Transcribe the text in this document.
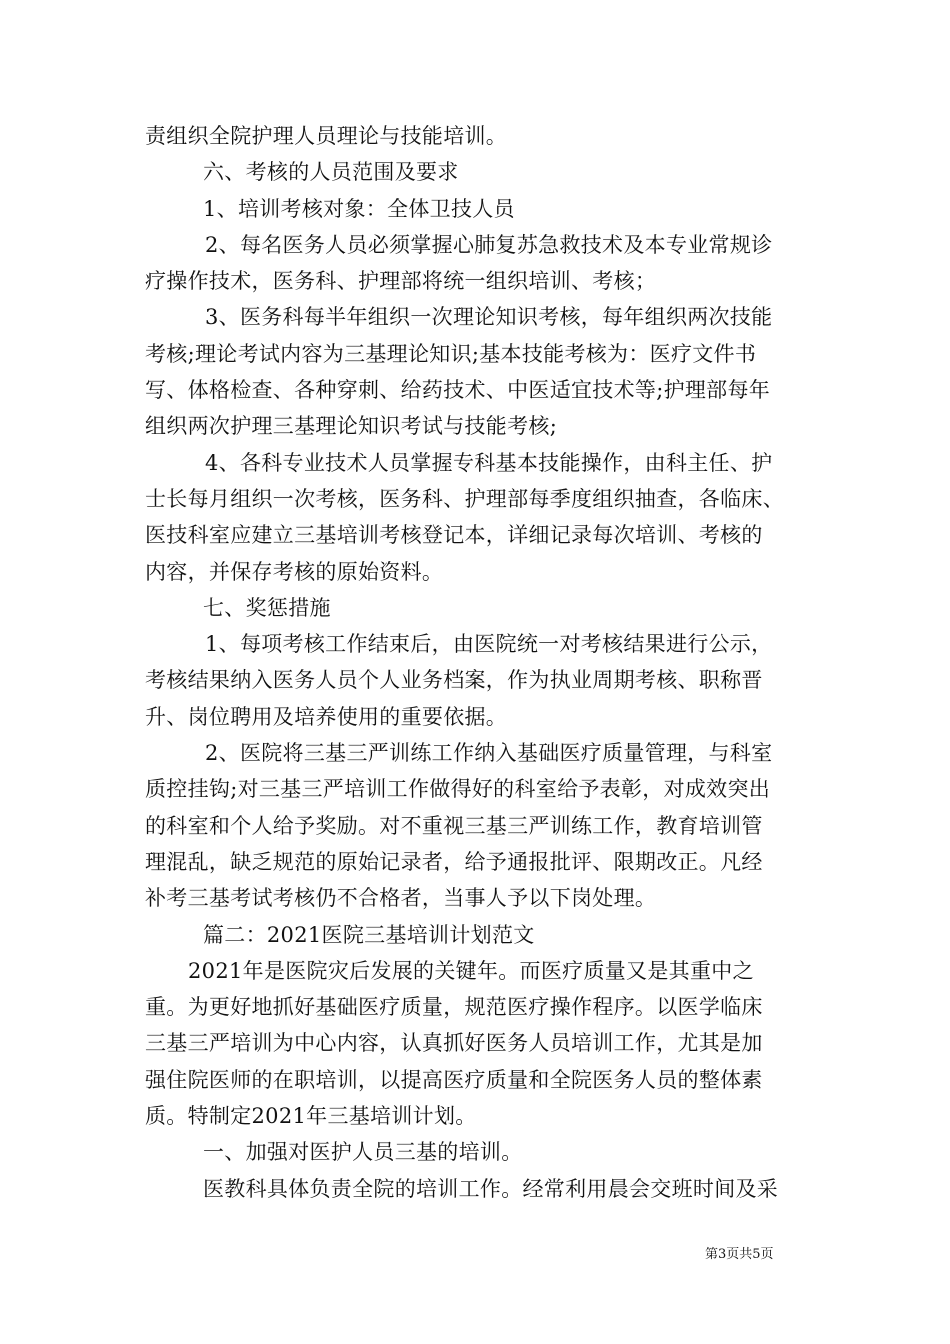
责组织全院护理人员理论与技能培训。
六、考核的人员范围及要求
1、培训考核对象：全体卫技人员
2、每名医务人员必须掌握心肺复苏急救技术及本专业常规诊
疗操作技术，医务科、护理部将统一组织培训、考核；
3、医务科每半年组织一次理论知识考核，每年组织两次技能
考核;理论考试内容为三基理论知识;基本技能考核为：医疗文件书
写、体格检查、各种穿刺、给药技术、中医适宜技术等;护理部每年
组织两次护理三基理论知识考试与技能考核;
4、各科专业技术人员掌握专科基本技能操作，由科主任、护
士长每月组织一次考核，医务科、护理部每季度组织抽查，各临床、
医技科室应建立三基培训考核登记本，详细记录每次培训、考核的
内容，并保存考核的原始资料。
七、奖惩措施
1、每项考核工作结束后，由医院统一对考核结果进行公示，
考核结果纳入医务人员个人业务档案，作为执业周期考核、职称晋
升、岗位聘用及培养使用的重要依据。
2、医院将三基三严训练工作纳入基础医疗质量管理，与科室
质控挂钩;对三基三严培训工作做得好的科室给予表彰，对成效突出
的科室和个人给予奖励。对不重视三基三严训练工作，教育培训管
理混乱，缺乏规范的原始记录者，给予通报批评、限期改正。凡经
补考三基考试考核仍不合格者，当事人予以下岗处理。
篇二：2021医院三基培训计划范文
2021年是医院灾后发展的关键年。而医疗质量又是其重中之
重。为更好地抓好基础医疗质量，规范医疗操作程序。以医学临床
三基三严培训为中心内容，认真抓好医务人员培训工作，尤其是加
强住院医师的在职培训，以提高医疗质量和全院医务人员的整体素
质。特制定2021年三基培训计划。
一、加强对医护人员三基的培训。
医教科具体负责全院的培训工作。经常利用晨会交班时间及采
第3页共5页
